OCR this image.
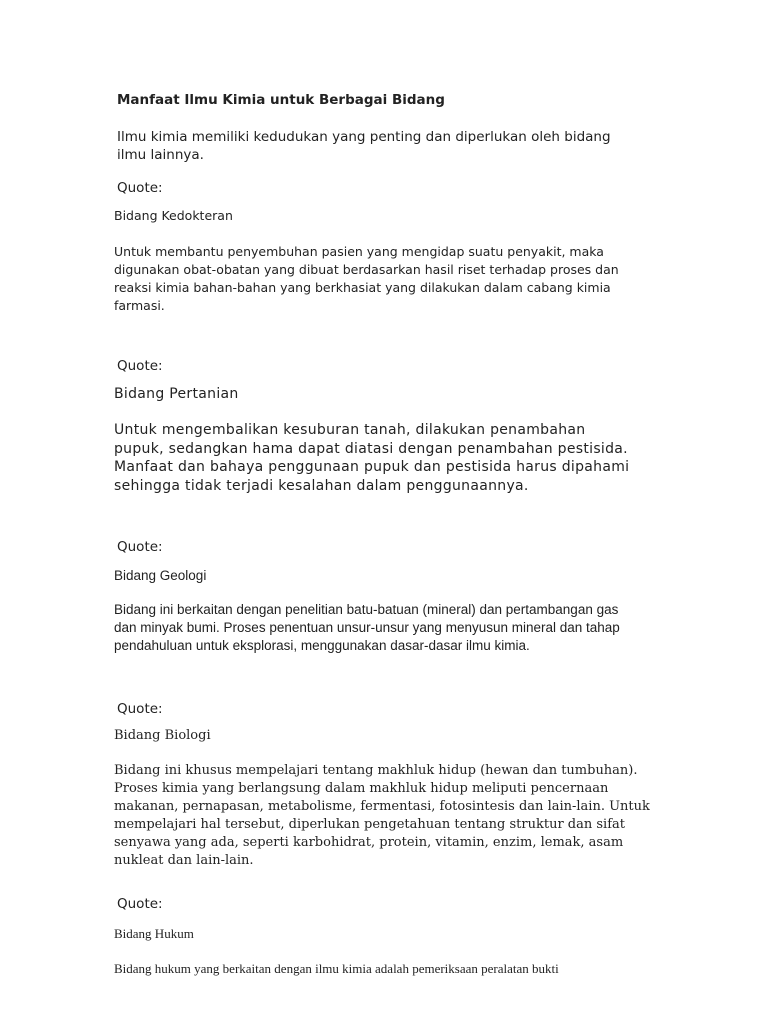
Manfaat Ilmu Kimia untuk Berbagai Bidang
Ilmu kimia memiliki kedudukan yang penting dan diperlukan oleh bidang ilmu lainnya.
Quote:
Bidang Kedokteran
Untuk membantu penyembuhan pasien yang mengidap suatu penyakit, maka digunakan obat-obatan yang dibuat berdasarkan hasil riset terhadap proses dan reaksi kimia bahan-bahan yang berkhasiat yang dilakukan dalam cabang kimia farmasi.
Quote:
Bidang Pertanian
Untuk mengembalikan kesuburan tanah, dilakukan penambahan pupuk, sedangkan hama dapat diatasi dengan penambahan pestisida. Manfaat dan bahaya penggunaan pupuk dan pestisida harus dipahami sehingga tidak terjadi kesalahan dalam penggunaannya.
Quote:
Bidang Geologi
Bidang ini berkaitan dengan penelitian batu-batuan (mineral) dan pertambangan gas dan minyak bumi. Proses penentuan unsur-unsur yang menyusun mineral dan tahap pendahuluan untuk eksplorasi, menggunakan dasar-dasar ilmu kimia.
Quote:
Bidang Biologi
Bidang ini khusus mempelajari tentang makhluk hidup (hewan dan tumbuhan). Proses kimia yang berlangsung dalam makhluk hidup meliputi pencernaan makanan, pernapasan, metabolisme, fermentasi, fotosintesis dan lain-lain. Untuk mempelajari hal tersebut, diperlukan pengetahuan tentang struktur dan sifat senyawa yang ada, seperti karbohidrat, protein, vitamin, enzim, lemak, asam nukleat dan lain-lain.
Quote:
Bidang Hukum
Bidang hukum yang berkaitan dengan ilmu kimia adalah pemeriksaan peralatan bukti
